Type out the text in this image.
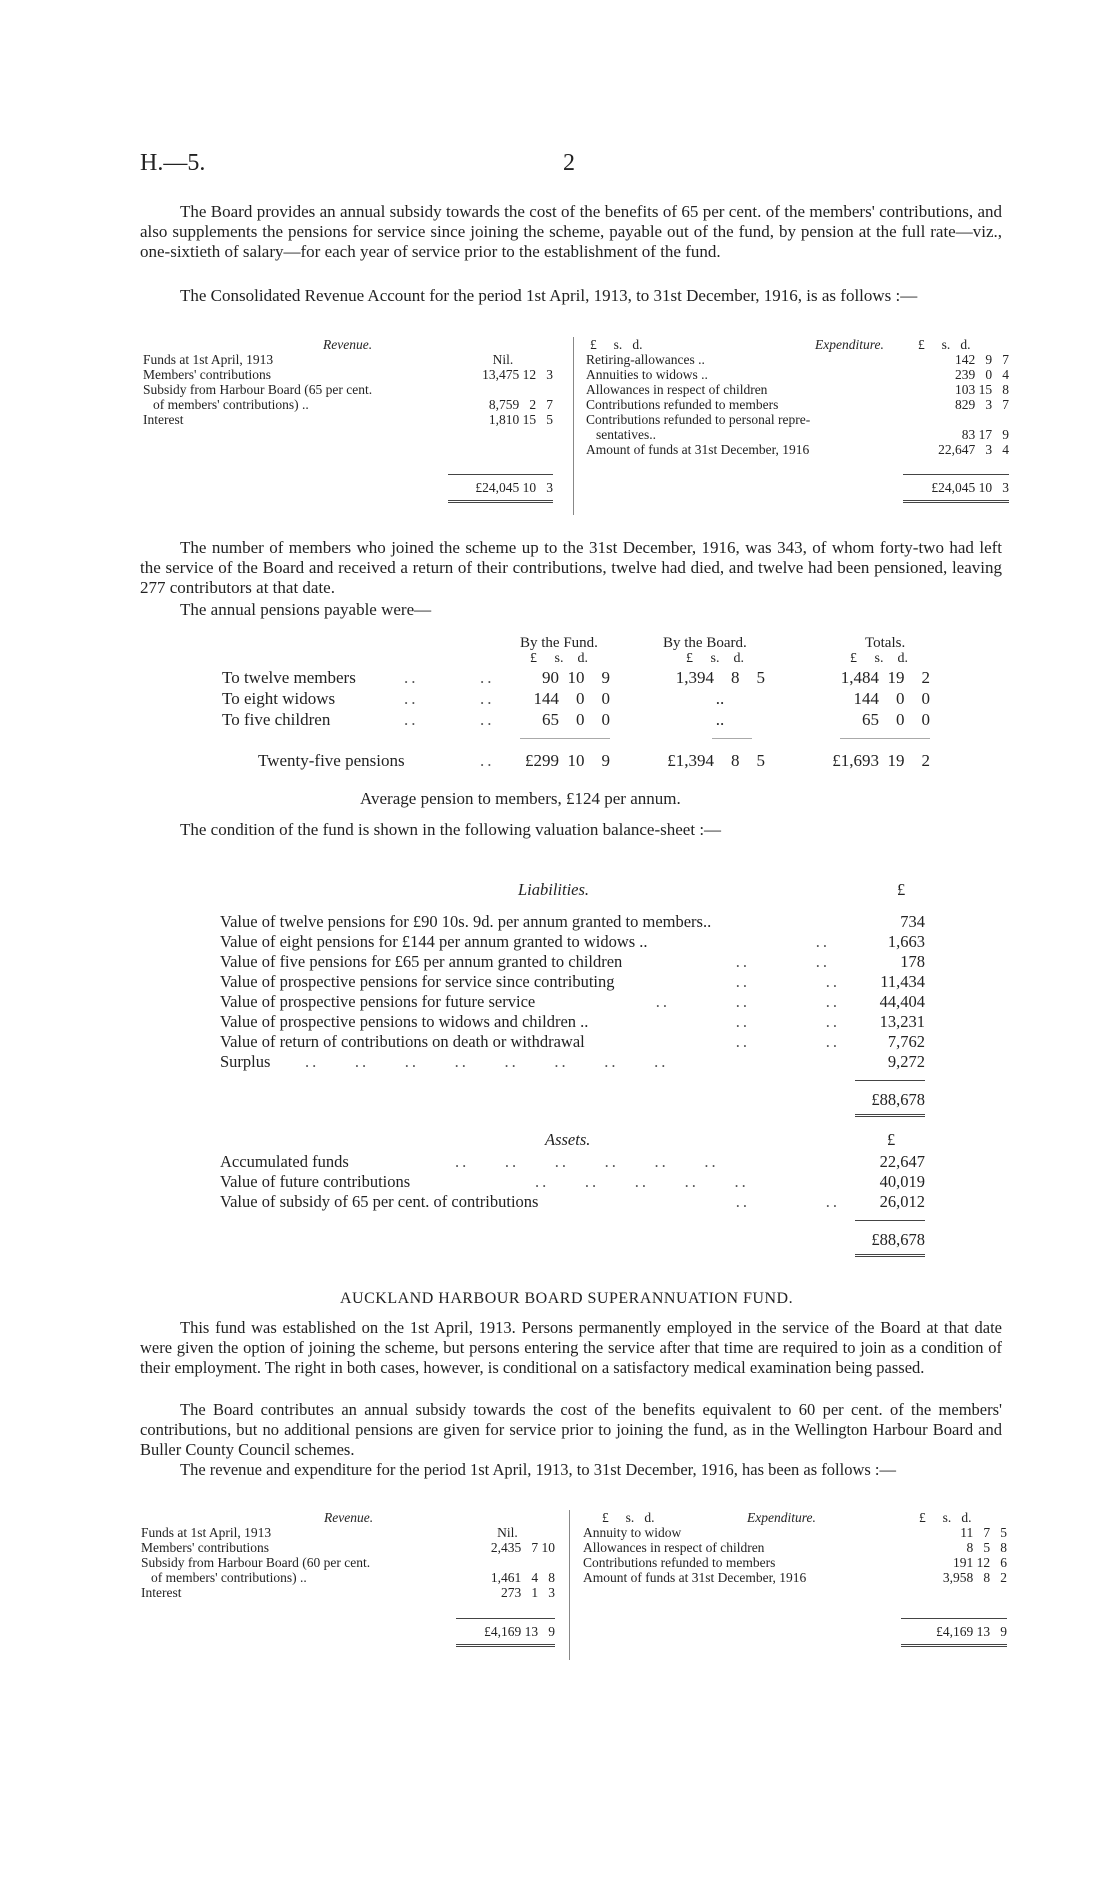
H.—5.	2

The Board provides an annual subsidy towards the cost of the benefits of 65 per cent. of the members' contributions, and also supplements the pensions for service since joining the scheme, payable out of the fund, by pension at the full rate—viz., one-sixtieth of salary—for each year of service prior to the establishment of the fund.

The Consolidated Revenue Account for the period 1st April, 1913, to 31st December, 1916, is as follows :—

Revenue.	£     s.   d.	Expenditure.	£     s.   d.
Funds at 1st April, 1913	Nil.
Members' contributions	13,475 12   3
Subsidy from Harbour Board (65 per cent.
of members' contributions) ..	8,759   2   7
Interest	1,810 15   5
£24,045 10   3
Retiring-allowances ..	142   9   7
Annuities to widows ..	239   0   4
Allowances in respect of children	103 15   8
Contributions refunded to members	829   3   7
Contributions refunded to personal repre-
sentatives..	83 17   9
Amount of funds at 31st December, 1916	22,647   3   4
£24,045 10   3

The number of members who joined the scheme up to the 31st December, 1916, was 343, of whom forty-two had left the service of the Board and received a return of their contributions, twelve had died, and twelve had been pensioned, leaving 277 contributors at that date.

The annual pensions payable were—

By the Fund.	By the Board.	Totals.
£     s.    d.	£     s.    d.	£     s.    d.
To twelve members	..	..	90  10    9	1,394    8    5	1,484  19    2
To eight widows	..	..	144    0    0	..	144    0    0
To five children	..	..	65    0    0	..	65    0    0
Twenty-five pensions	..	£299  10    9	£1,394    8    5	£1,693  19    2
Average pension to members, £124 per annum.

The condition of the fund is shown in the following valuation balance-sheet :—

Liabilities.	£
Value of twelve pensions for £90 10s. 9d. per annum granted to members..	734
Value of eight pensions for £144 per annum granted to widows ..	..	1,663
Value of five pensions for £65 per annum granted to children	..	..	178
Value of prospective pensions for service since contributing	..	.. 11,434
Value of prospective pensions for future service	..	..	.. 44,404
Value of prospective pensions to widows and children ..	..	.. 13,231
Value of return of contributions on death or withdrawal	..	..	7,762
Surplus ..     ..     ..     ..     ..     ..     ..     ..	9,272
£88,678
Assets.	£
Accumulated funds	..     ..     ..     ..     ..     ..	22,647
Value of future contributions	..     ..     ..     ..     ..	40,019
Value of subsidy of 65 per cent. of contributions	..	.. 26,012
£88,678
AUCKLAND HARBOUR BOARD SUPERANNUATION FUND.

This fund was established on the 1st April, 1913. Persons permanently employed in the service of the Board at that date were given the option of joining the scheme, but persons entering the service after that time are required to join as a condition of their employment. The right in both cases, however, is conditional on a satisfactory medical examination being passed.

The Board contributes an annual subsidy towards the cost of the benefits equivalent to 60 per cent. of the members' contributions, but no additional pensions are given for service prior to joining the fund, as in the Wellington Harbour Board and Buller County Council schemes.

The revenue and expenditure for the period 1st April, 1913, to 31st December, 1916, has been as follows :—

Revenue.	£     s.   d.	Expenditure.	£     s.   d.
Funds at 1st April, 1913	Nil.
Members' contributions	2,435   7 10
Subsidy from Harbour Board (60 per cent.
of members' contributions) ..	1,461   4   8
Interest	273   1   3
£4,169 13   9
Annuity to widow	11   7   5
Allowances in respect of children	8   5   8
Contributions refunded to members	191 12   6
Amount of funds at 31st December, 1916	3,958   8   2
£4,169 13   9
